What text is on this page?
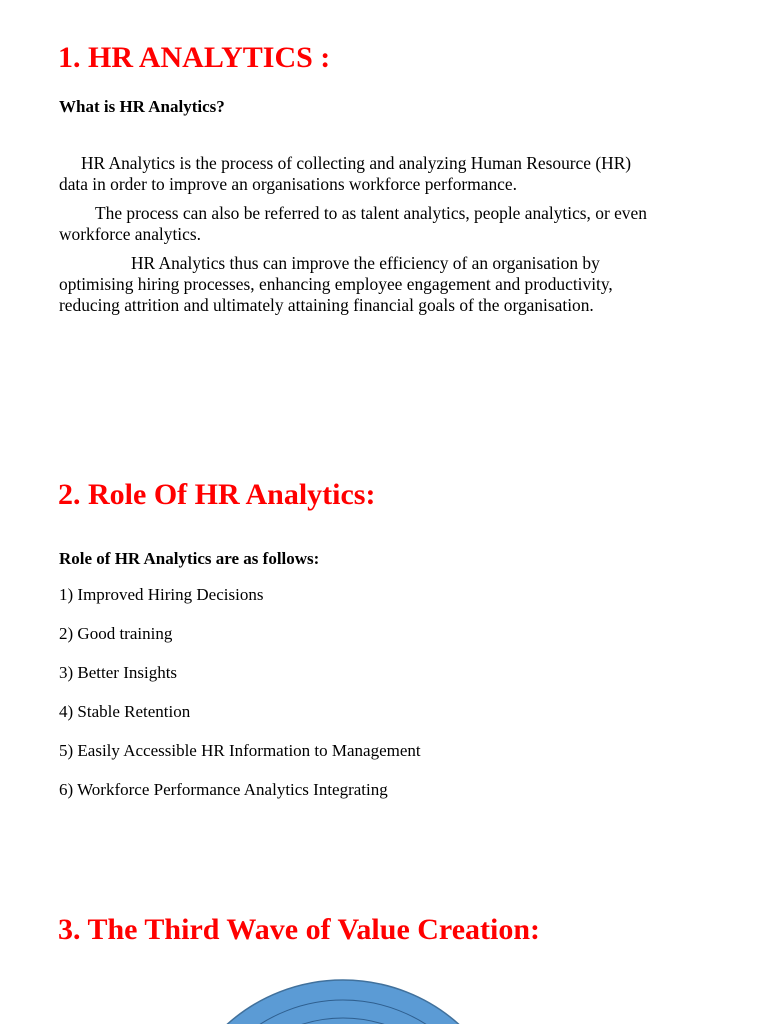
1. HR ANALYTICS :
What is HR Analytics?
HR Analytics is the process of collecting and analyzing Human Resource (HR)
data in order to improve an organisations workforce performance.
The process can also be referred to as talent analytics, people analytics, or even
workforce analytics.
HR Analytics thus can improve the efficiency of an organisation by
optimising hiring processes, enhancing employee engagement and productivity,
reducing attrition and ultimately attaining financial goals of the organisation.
2. Role Of HR Analytics:
Role of HR Analytics are as follows:
1) Improved Hiring Decisions
2) Good training
3) Better Insights
4) Stable Retention
5) Easily Accessible HR Information to Management
6) Workforce Performance Analytics Integrating
3. The Third Wave of Value Creation:
